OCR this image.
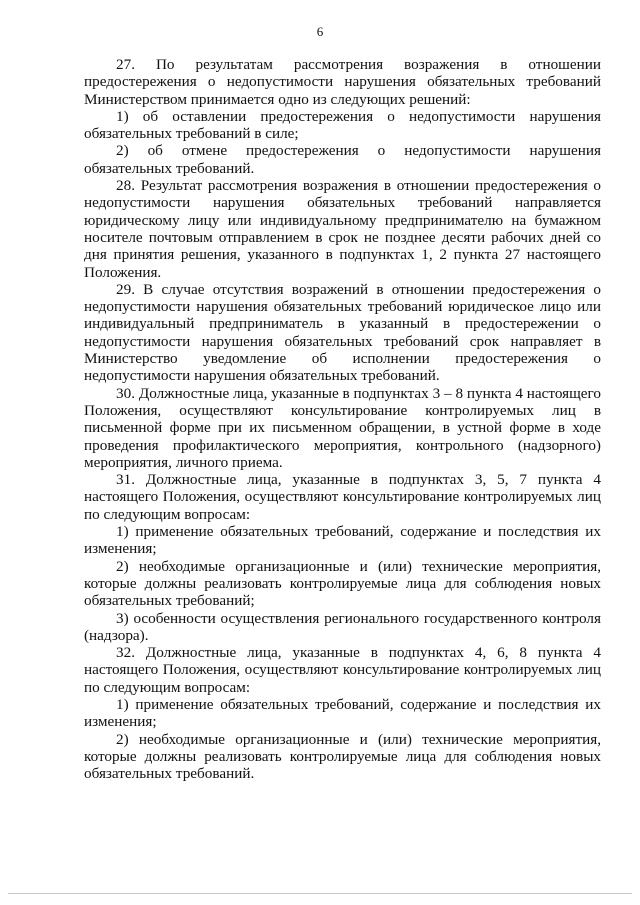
6

27. По результатам рассмотрения возражения в отношении предостережения о недопустимости нарушения обязательных требований Министерством принимается одно из следующих решений:

1) об оставлении предостережения о недопустимости нарушения обязательных требований в силе;

2) об отмене предостережения о недопустимости нарушения обязательных требований.

28. Результат рассмотрения возражения в отношении предостережения о недопустимости нарушения обязательных требований направляется юридическому лицу или индивидуальному предпринимателю на бумажном носителе почтовым отправлением в срок не позднее десяти рабочих дней со дня принятия решения, указанного в подпунктах 1, 2 пункта 27 настоящего Положения.

29. В случае отсутствия возражений в отношении предостережения о недопустимости нарушения обязательных требований юридическое лицо или индивидуальный предприниматель в указанный в предостережении о недопустимости нарушения обязательных требований срок направляет в Министерство уведомление об исполнении предостережения о недопустимости нарушения обязательных требований.

30. Должностные лица, указанные в подпунктах 3 – 8 пункта 4 настоящего Положения, осуществляют консультирование контролируемых лиц в письменной форме при их письменном обращении, в устной форме в ходе проведения профилактического мероприятия, контрольного (надзорного) мероприятия, личного приема.

31. Должностные лица, указанные в подпунктах 3, 5, 7 пункта 4 настоящего Положения, осуществляют консультирование контролируемых лиц по следующим вопросам:

1) применение обязательных требований, содержание и последствия их изменения;

2) необходимые организационные и (или) технические мероприятия, которые должны реализовать контролируемые лица для соблюдения новых обязательных требований;

3) особенности осуществления регионального государственного контроля (надзора).

32. Должностные лица, указанные в подпунктах 4, 6, 8 пункта 4 настоящего Положения, осуществляют консультирование контролируемых лиц по следующим вопросам:

1) применение обязательных требований, содержание и последствия их изменения;

2) необходимые организационные и (или) технические мероприятия, которые должны реализовать контролируемые лица для соблюдения новых обязательных требований.
